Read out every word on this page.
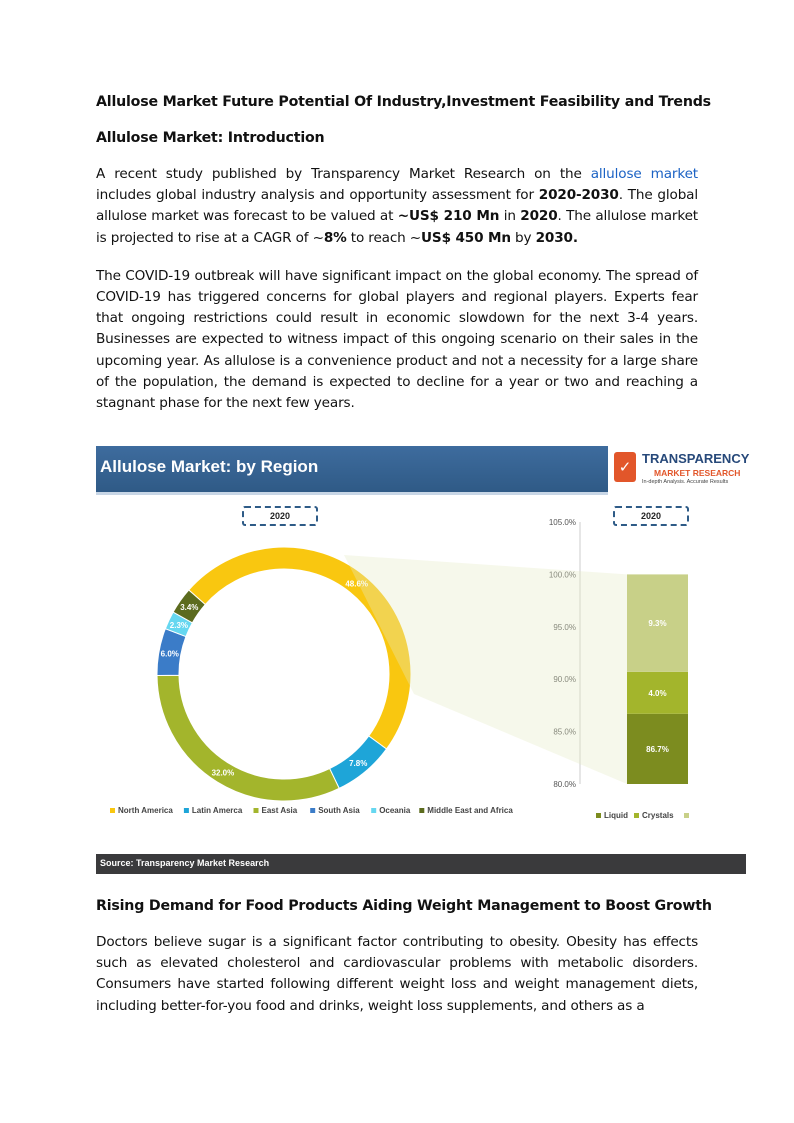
Allulose Market Future Potential Of Industry,Investment Feasibility and Trends
Allulose Market: Introduction

A recent study published by Transparency Market Research on the allulose market includes global industry analysis and opportunity assessment for 2020-2030. The global allulose market was forecast to be valued at ~US$ 210 Mn in 2020. The allulose market is projected to rise at a CAGR of ~8% to reach ~US$ 450 Mn by 2030.

The COVID-19 outbreak will have significant impact on the global economy. The spread of COVID-19 has triggered concerns for global players and regional players. Experts fear that ongoing restrictions could result in economic slowdown for the next 3-4 years. Businesses are expected to witness impact of this ongoing scenario on their sales in the upcoming year. As allulose is a convenience product and not a necessity for a large share of the population, the demand is expected to decline for a year or two and reaching a stagnant phase for the next few years.

Allulose Market: by Region	✓ TRANSPARENCY
MARKET RESEARCH
In-depth Analysis. Accurate Results
2020	2020
48.6%
7.8%
32.0%
6.0%
2.3%
3.4%
80.0%
85.0%
90.0%
95.0%
100.0%
105.0%
86.7%
4.0%
9.3%
North America Latin Amerca East Asia	South Asia Oceania Middle East and Africa
Liquid Crystals
Source: Transparency Market Research
Rising Demand for Food Products Aiding Weight Management to Boost Growth

Doctors believe sugar is a significant factor contributing to obesity. Obesity has effects such as elevated cholesterol and cardiovascular problems with metabolic disorders. Consumers have started following different weight loss and weight management diets, including better-for-you food and drinks, weight loss supplements, and others as a
